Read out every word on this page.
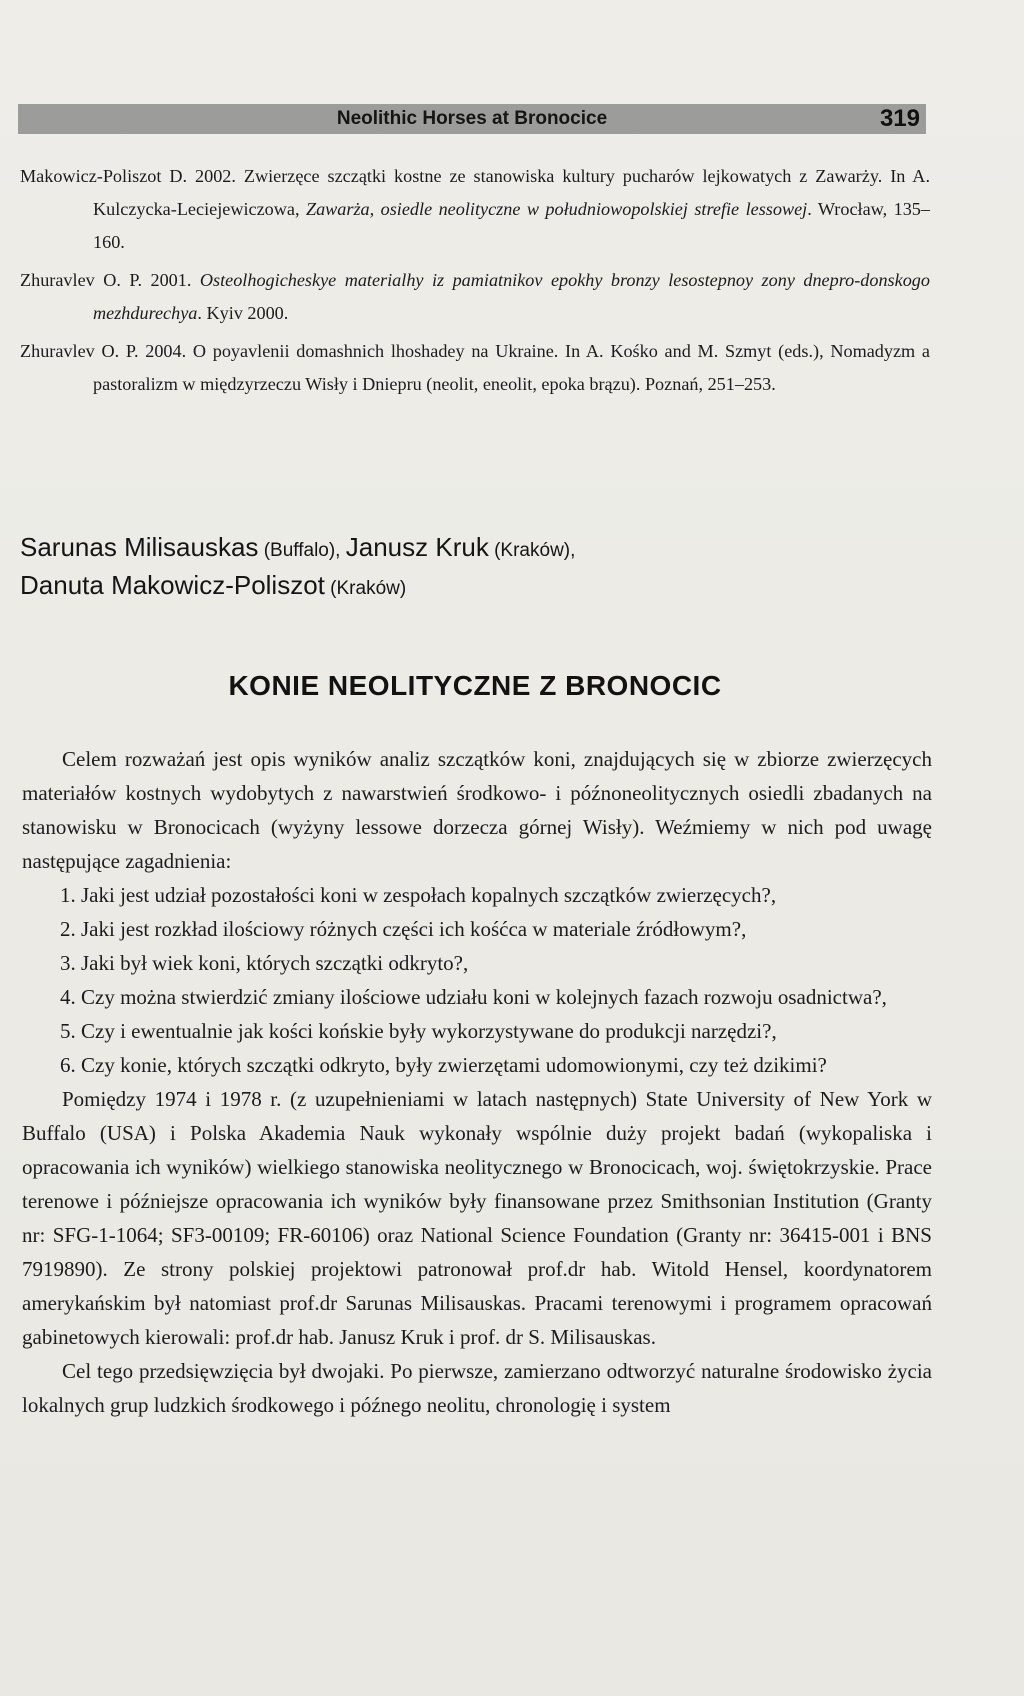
Neolithic Horses at Bronocice	319

Makowicz-Poliszot D. 2002. Zwierzęce szczątki kostne ze stanowiska kultury pucharów lejkowatych z Zawarży. In A. Kulczycka-Leciejewiczowa, Zawarża, osiedle neolityczne w południowopolskiej strefie lessowej. Wrocław, 135–160.

Zhuravlev O. P. 2001. Osteolhogicheskye materialhy iz pamiatnikov epokhy bronzy lesostepnoy zony dnepro-donskogo mezhdurechya. Kyiv 2000.

Zhuravlev O. P. 2004. O poyavlenii domashnich lhoshadey na Ukraine. In A. Kośko and M. Szmyt (eds.), Nomadyzm a pastoralizm w międzyrzeczu Wisły i Dniepru (neolit, eneolit, epoka brązu). Poznań, 251–253.

Sarunas Milisauskas (Buffalo), Janusz Kruk (Kraków),
Danuta Makowicz-Poliszot (Kraków)
KONIE NEOLITYCZNE Z BRONOCIC

Celem rozważań jest opis wyników analiz szczątków koni, znajdujących się w zbiorze zwierzęcych materiałów kostnych wydobytych z nawarstwień środkowo- i późnoneolitycznych osiedli zbadanych na stanowisku w Bronocicach (wyżyny lessowe dorzecza górnej Wisły). Weźmiemy w nich pod uwagę następujące zagadnienia:

1. Jaki jest udział pozostałości koni w zespołach kopalnych szczątków zwierzęcych?,

2. Jaki jest rozkład ilościowy różnych części ich kośćca w materiale źródłowym?,

3. Jaki był wiek koni, których szczątki odkryto?,

4. Czy można stwierdzić zmiany ilościowe udziału koni w kolejnych fazach rozwoju osadnictwa?,

5. Czy i ewentualnie jak kości końskie były wykorzystywane do produkcji narzędzi?,

6. Czy konie, których szczątki odkryto, były zwierzętami udomowionymi, czy też dzikimi?

Pomiędzy 1974 i 1978 r. (z uzupełnieniami w latach następnych) State University of New York w Buffalo (USA) i Polska Akademia Nauk wykonały wspólnie duży projekt badań (wykopaliska i opracowania ich wyników) wielkiego stanowiska neolitycznego w Bronocicach, woj. świętokrzyskie. Prace terenowe i późniejsze opracowania ich wyników były finansowane przez Smithsonian Institution (Granty nr: SFG-1-1064; SF3-00109; FR-60106) oraz National Science Foundation (Granty nr: 36415-001 i BNS 7919890). Ze strony polskiej projektowi patronował prof.dr hab. Witold Hensel, koordynatorem amerykańskim był natomiast prof.dr Sarunas Milisauskas. Pracami terenowymi i programem opracowań gabinetowych kierowali: prof.dr hab. Janusz Kruk i prof. dr S. Milisauskas.

Cel tego przedsięwzięcia był dwojaki. Po pierwsze, zamierzano odtworzyć naturalne środowisko życia lokalnych grup ludzkich środkowego i późnego neolitu, chronologię i system
